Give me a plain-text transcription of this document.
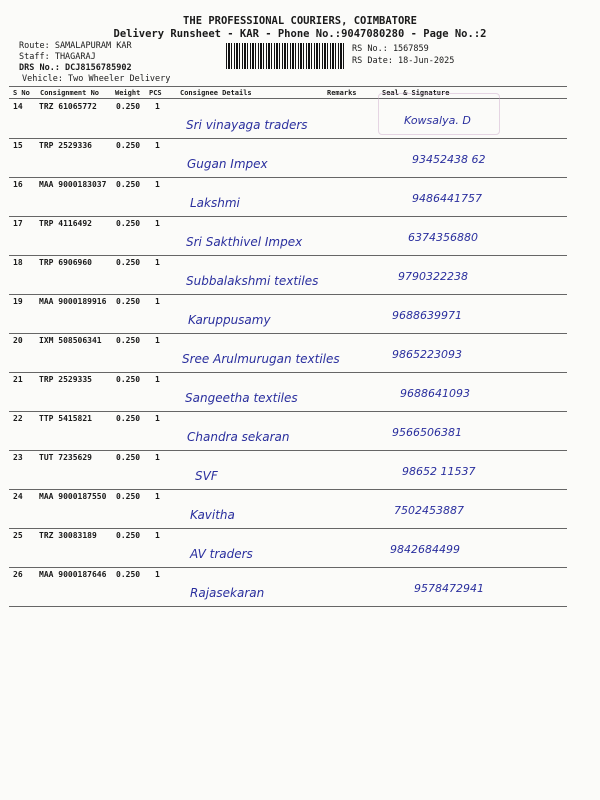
THE PROFESSIONAL COURIERS, COIMBATORE
Delivery Runsheet - KAR - Phone No.:9047080280 - Page No.:2
Route: SAMALAPURAM KAR
Staff: THAGARAJ
DRS No.: DCJ8156785902
Vehicle: Two Wheeler Delivery
RS No.: 1567859
RS Date: 18-Jun-2025
S No Consignment No Weight PCS	Consignee Details	Remarks	Seal & Signature
14 TRZ 61065772 0.250 1
Sri vinayaga traders	Kowsalya. D
15 TRP 2529336	0.250 1
Gugan Impex	93452438 62
16 MAA 9000183037 0.250 1
Lakshmi	9486441757
17 TRP 4116492	0.250 1
Sri Sakthivel Impex	6374356880
18 TRP 6906960	0.250 1
Subbalakshmi textiles	9790322238
19 MAA 9000189916 0.250 1
Karuppusamy	9688639971
20 IXM 508506341 0.250 1
Sree Arulmurugan textiles	9865223093
21 TRP 2529335	0.250 1
Sangeetha textiles	9688641093
22 TTP 5415821	0.250 1
Chandra sekaran	9566506381
23 TUT 7235629	0.250 1
SVF	98652 11537
24 MAA 9000187550 0.250 1
Kavitha	7502453887
25 TRZ 30083189 0.250 1
AV traders	9842684499
26 MAA 9000187646 0.250 1
Rajasekaran	9578472941
